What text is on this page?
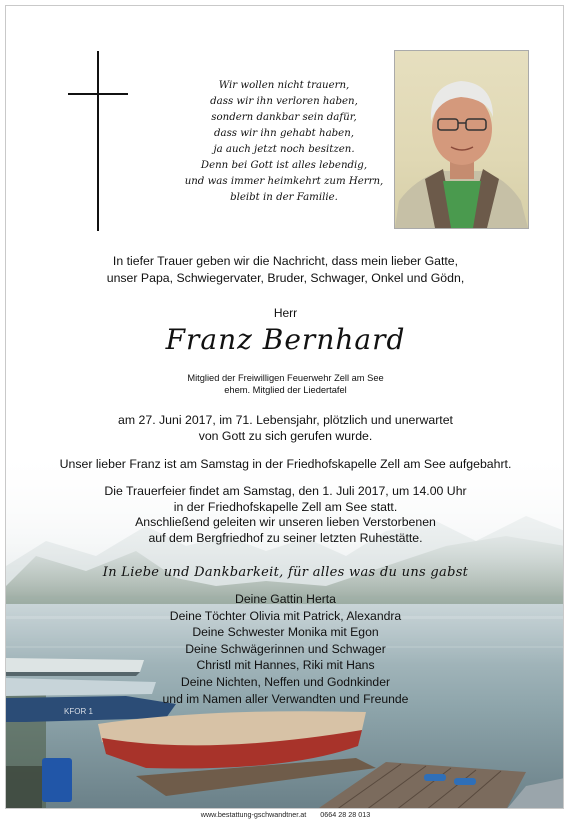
Wir wollen nicht trauern,
dass wir ihn verloren haben,
sondern dankbar sein dafür,
dass wir ihn gehabt haben,
ja auch jetzt noch besitzen.
Denn bei Gott ist alles lebendig,
und was immer heimkehrt zum Herrn,
bleibt in der Familie.
In tiefer Trauer geben wir die Nachricht, dass mein lieber Gatte,
unser Papa, Schwiegervater, Bruder, Schwager, Onkel und Gödn,
Herr
Franz Bernhard
Mitglied der Freiwilligen Feuerwehr Zell am See
ehem. Mitglied der Liedertafel
am 27. Juni 2017, im 71. Lebensjahr, plötzlich und unerwartet
von Gott zu sich gerufen wurde.
Unser lieber Franz ist am Samstag in der Friedhofskapelle Zell am See aufgebahrt.
Die Trauerfeier findet am Samstag, den 1. Juli 2017, um 14.00 Uhr
in der Friedhofskapelle Zell am See statt.
Anschließend geleiten wir unseren lieben Verstorbenen
auf dem Bergfriedhof zu seiner letzten Ruhestätte.
In Liebe und Dankbarkeit, für alles was du uns gabst
Deine Gattin Herta
Deine Töchter Olivia mit Patrick, Alexandra
Deine Schwester Monika mit Egon
Deine Schwägerinnen und Schwager
Christl mit Hannes, Riki mit Hans
Deine Nichten, Neffen und Godnkinder
und im Namen aller Verwandten und Freunde
www.bestattung-gschwandtner.at 0664 28 28 013
